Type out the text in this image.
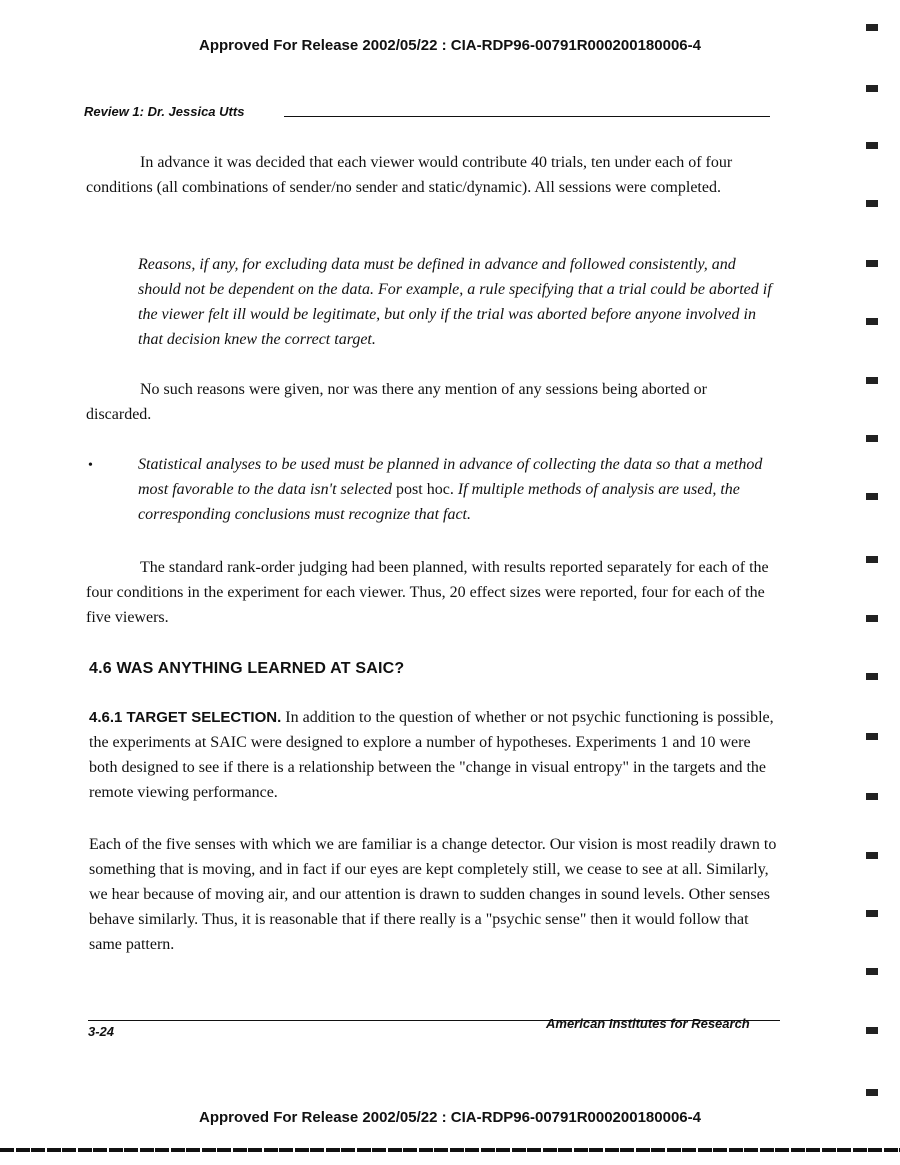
Approved For Release 2002/05/22 : CIA-RDP96-00791R000200180006-4
Review 1: Dr. Jessica Utts
In advance it was decided that each viewer would contribute 40 trials, ten under each of four conditions (all combinations of sender/no sender and static/dynamic). All sessions were completed.
Reasons, if any, for excluding data must be defined in advance and followed consistently, and should not be dependent on the data. For example, a rule specifying that a trial could be aborted if the viewer felt ill would be legitimate, but only if the trial was aborted before anyone involved in that decision knew the correct target.
No such reasons were given, nor was there any mention of any sessions being aborted or discarded.
•	Statistical analyses to be used must be planned in advance of collecting the data so that a method most favorable to the data isn't selected post hoc. If multiple methods of analysis are used, the corresponding conclusions must recognize that fact.
The standard rank-order judging had been planned, with results reported separately for each of the four conditions in the experiment for each viewer. Thus, 20 effect sizes were reported, four for each of the five viewers.
4.6 WAS ANYTHING LEARNED AT SAIC?
4.6.1 TARGET SELECTION. In addition to the question of whether or not psychic functioning is possible, the experiments at SAIC were designed to explore a number of hypotheses. Experiments 1 and 10 were both designed to see if there is a relationship between the "change in visual entropy" in the targets and the remote viewing performance.
Each of the five senses with which we are familiar is a change detector. Our vision is most readily drawn to something that is moving, and in fact if our eyes are kept completely still, we cease to see at all. Similarly, we hear because of moving air, and our attention is drawn to sudden changes in sound levels. Other senses behave similarly. Thus, it is reasonable that if there really is a "psychic sense" then it would follow that same pattern.
3-24
American Institutes for Research
Approved For Release 2002/05/22 : CIA-RDP96-00791R000200180006-4
